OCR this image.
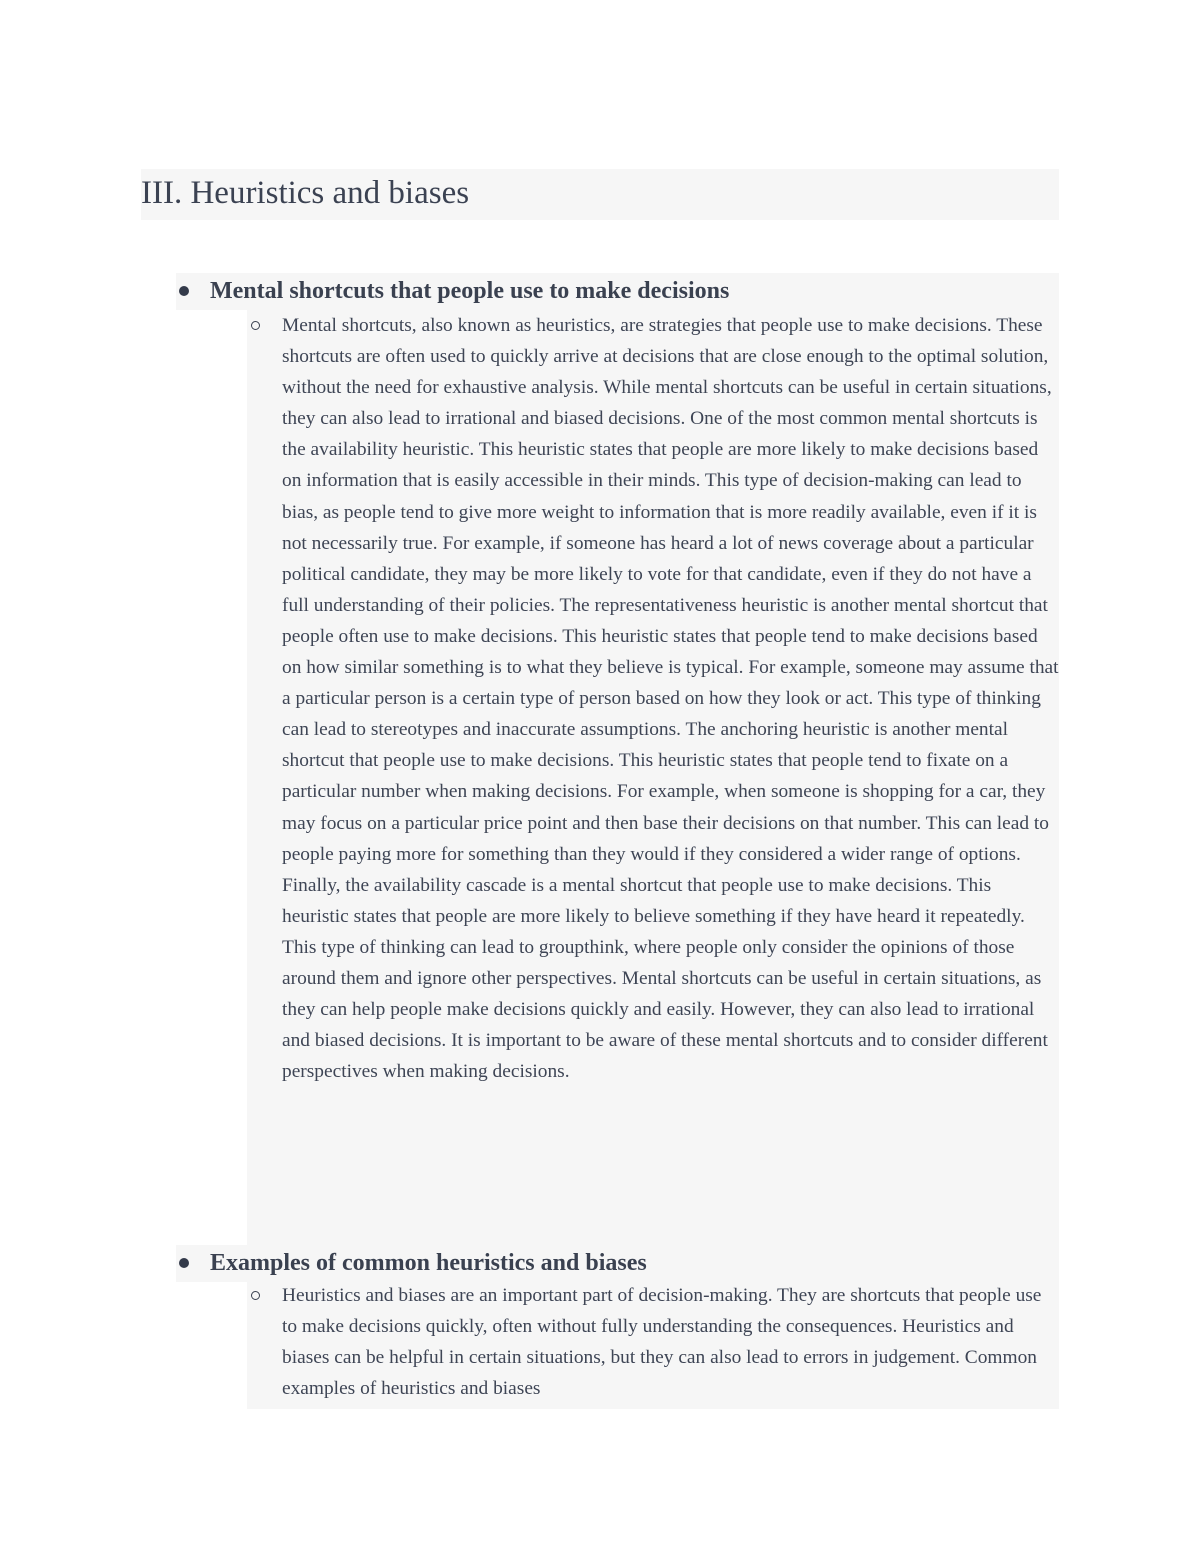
III. Heuristics and biases
Mental shortcuts that people use to make decisions

Mental shortcuts, also known as heuristics, are strategies that people use to make decisions. These shortcuts are often used to quickly arrive at decisions that are close enough to the optimal solution, without the need for exhaustive analysis. While mental shortcuts can be useful in certain situations, they can also lead to irrational and biased decisions. One of the most common mental shortcuts is the availability heuristic. This heuristic states that people are more likely to make decisions based on information that is easily accessible in their minds. This type of decision-making can lead to bias, as people tend to give more weight to information that is more readily available, even if it is not necessarily true. For example, if someone has heard a lot of news coverage about a particular political candidate, they may be more likely to vote for that candidate, even if they do not have a full understanding of their policies. The representativeness heuristic is another mental shortcut that people often use to make decisions. This heuristic states that people tend to make decisions based on how similar something is to what they believe is typical. For example, someone may assume that a particular person is a certain type of person based on how they look or act. This type of thinking can lead to stereotypes and inaccurate assumptions. The anchoring heuristic is another mental shortcut that people use to make decisions. This heuristic states that people tend to fixate on a particular number when making decisions. For example, when someone is shopping for a car, they may focus on a particular price point and then base their decisions on that number. This can lead to people paying more for something than they would if they considered a wider range of options. Finally, the availability cascade is a mental shortcut that people use to make decisions. This heuristic states that people are more likely to believe something if they have heard it repeatedly. This type of thinking can lead to groupthink, where people only consider the opinions of those around them and ignore other perspectives. Mental shortcuts can be useful in certain situations, as they can help people make decisions quickly and easily. However, they can also lead to irrational and biased decisions. It is important to be aware of these mental shortcuts and to consider different perspectives when making decisions.

Examples of common heuristics and biases

Heuristics and biases are an important part of decision-making. They are shortcuts that people use to make decisions quickly, often without fully understanding the consequences. Heuristics and biases can be helpful in certain situations, but they can also lead to errors in judgement. Common examples of heuristics and biases
